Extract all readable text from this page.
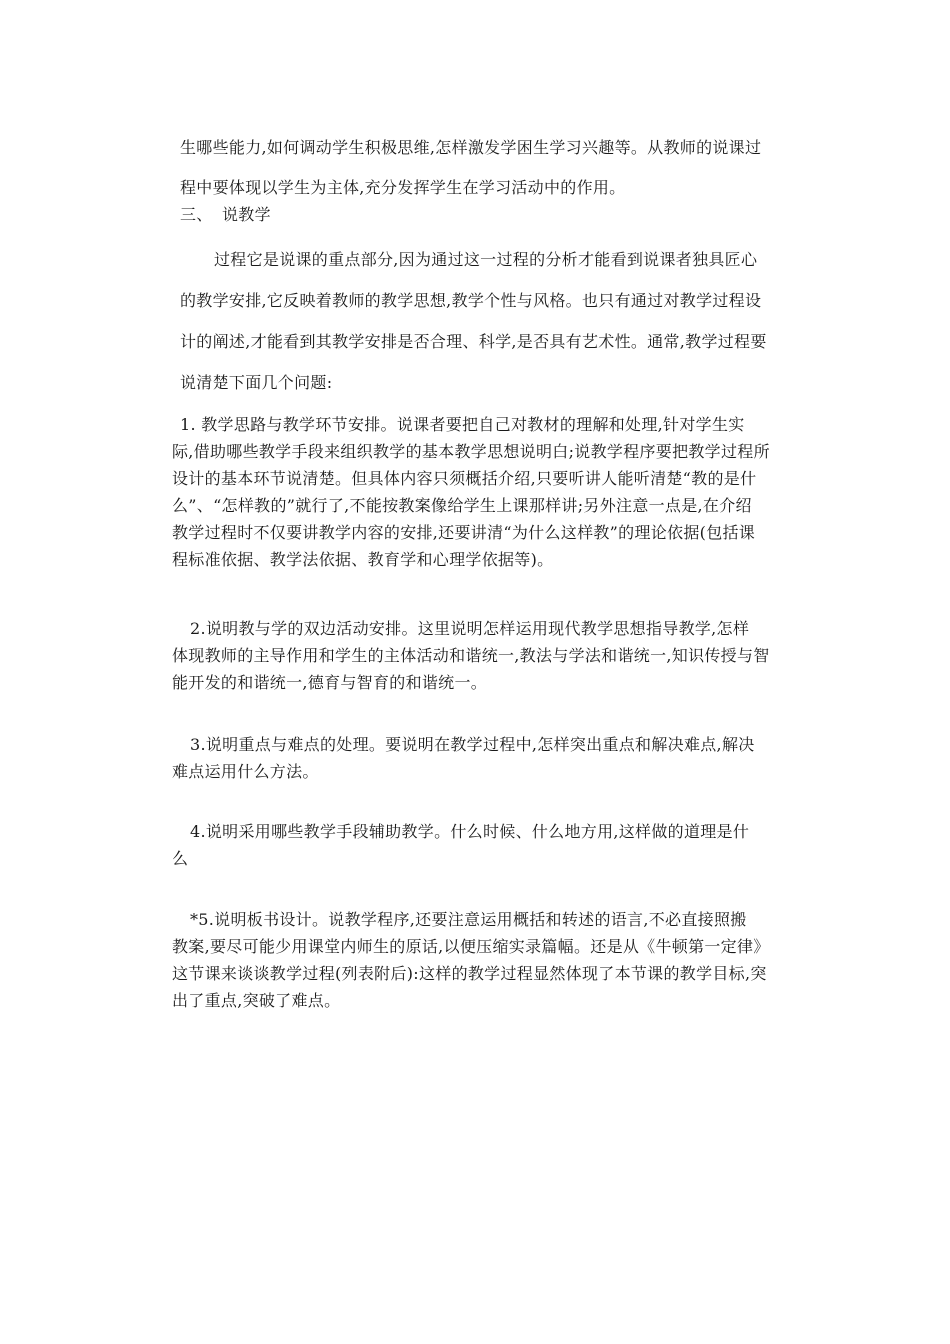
生哪些能力,如何调动学生积极思维,怎样激发学困生学习兴趣等。从教师的说课过
程中要体现以学生为主体,充分发挥学生在学习活动中的作用。
三、 说教学
过程它是说课的重点部分,因为通过这一过程的分析才能看到说课者独具匠心
的教学安排,它反映着教师的教学思想,教学个性与风格。也只有通过对教学过程设
计的阐述,才能看到其教学安排是否合理、科学,是否具有艺术性。通常,教学过程要
说清楚下面几个问题:
1. 教学思路与教学环节安排。说课者要把自己对教材的理解和处理,针对学生实
际,借助哪些教学手段来组织教学的基本教学思想说明白;说教学程序要把教学过程所
设计的基本环节说清楚。但具体内容只须概括介绍,只要听讲人能听清楚“教的是什
么”、“怎样教的”就行了,不能按教案像给学生上课那样讲;另外注意一点是,在介绍
教学过程时不仅要讲教学内容的安排,还要讲清“为什么这样教”的理论依据(包括课
程标准依据、教学法依据、教育学和心理学依据等)。
2.说明教与学的双边活动安排。这里说明怎样运用现代教学思想指导教学,怎样
体现教师的主导作用和学生的主体活动和谐统一,教法与学法和谐统一,知识传授与智
能开发的和谐统一,德育与智育的和谐统一。
3.说明重点与难点的处理。要说明在教学过程中,怎样突出重点和解决难点,解决
难点运用什么方法。
4.说明采用哪些教学手段辅助教学。什么时候、什么地方用,这样做的道理是什
么
*5.说明板书设计。说教学程序,还要注意运用概括和转述的语言,不必直接照搬
教案,要尽可能少用课堂内师生的原话,以便压缩实录篇幅。还是从《牛顿第一定律》
这节课来谈谈教学过程(列表附后):这样的教学过程显然体现了本节课的教学目标,突
出了重点,突破了难点。
